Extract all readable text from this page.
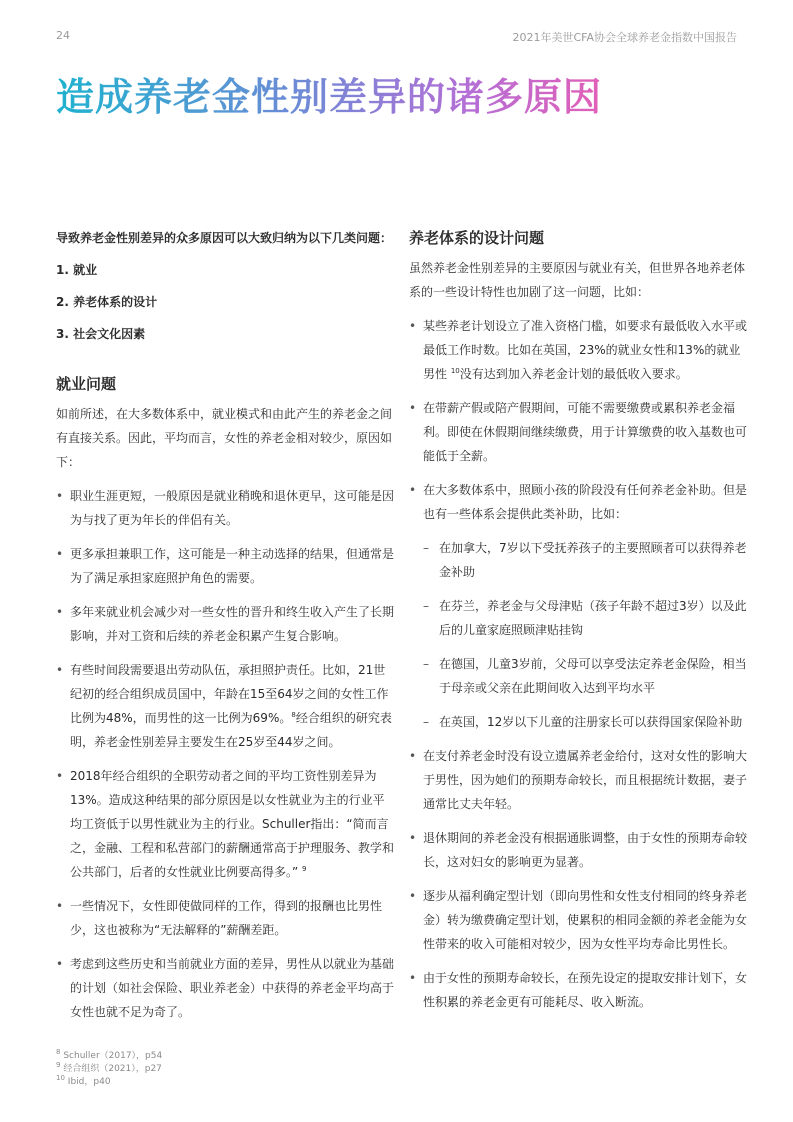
24	2021年美世CFA协会全球养老金指数中国报告
造成养老金性别差异的诸多原因

导致养老金性别差异的众多原因可以大致归纳为以下几类问题：

1. 就业

2. 养老体系的设计

3. 社会文化因素

就业问题

如前所述，在大多数体系中，就业模式和由此产生的养老金之间有直接关系。因此，平均而言，女性的养老金相对较少，原因如下：

• 职业生涯更短，一般原因是就业稍晚和退休更早，这可能是因为与找了更为年长的伴侣有关。
• 更多承担兼职工作，这可能是一种主动选择的结果，但通常是为了满足承担家庭照护角色的需要。
• 多年来就业机会减少对一些女性的晋升和终生收入产生了长期影响，并对工资和后续的养老金积累产生复合影响。
• 有些时间段需要退出劳动队伍，承担照护责任。比如，21世纪初的经合组织成员国中，年龄在15至64岁之间的女性工作比例为48%，而男性的这一比例为69%。$^8$经合组织的研究表明，养老金性别差异主要发生在25岁至44岁之间。
• 2018年经合组织的全职劳动者之间的平均工资性别差异为13%。造成这种结果的部分原因是以女性就业为主的行业平均工资低于以男性就业为主的行业。Schuller指出：“简而言之，金融、工程和私营部门的薪酬通常高于护理服务、教学和公共部门，后者的女性就业比例要高得多。” $^9$
• 一些情况下，女性即使做同样的工作，得到的报酬也比男性少，这也被称为“无法解释的”薪酬差距。
• 考虑到这些历史和当前就业方面的差异，男性从以就业为基础的计划（如社会保险、职业养老金）中获得的养老金平均高于女性也就不足为奇了。
养老体系的设计问题

虽然养老金性别差异的主要原因与就业有关，但世界各地养老体系的一些设计特性也加剧了这一问题，比如：

• 某些养老计划设立了准入资格门槛，如要求有最低收入水平或最低工作时数。比如在英国，23%的就业女性和13%的就业男性 $^{10}$没有达到加入养老金计划的最低收入要求。
• 在带薪产假或陪产假期间，可能不需要缴费或累积养老金福利。即使在休假期间继续缴费，用于计算缴费的收入基数也可能低于全薪。
• 在大多数体系中，照顾小孩的阶段没有任何养老金补助。但是也有一些体系会提供此类补助，比如：
– 在加拿大，7岁以下受抚养孩子的主要照顾者可以获得养老金补助
– 在芬兰，养老金与父母津贴（孩子年龄不超过3岁）以及此后的儿童家庭照顾津贴挂钩
– 在德国，儿童3岁前，父母可以享受法定养老金保险，相当于母亲或父亲在此期间收入达到平均水平
– 在英国，12岁以下儿童的注册家长可以获得国家保险补助
• 在支付养老金时没有设立遗属养老金给付，这对女性的影响大于男性，因为她们的预期寿命较长，而且根据统计数据，妻子通常比丈夫年轻。
• 退休期间的养老金没有根据通胀调整，由于女性的预期寿命较长，这对妇女的影响更为显著。
• 逐步从福利确定型计划（即向男性和女性支付相同的终身养老金）转为缴费确定型计划，使累积的相同金额的养老金能为女性带来的收入可能相对较少，因为女性平均寿命比男性长。
• 由于女性的预期寿命较长，在预先设定的提取安排计划下，女性积累的养老金更有可能耗尽、收入断流。
$^8$ Schuller（2017），p54
$^9$ 经合组织（2021），p27
$^{10}$ Ibid，p40
